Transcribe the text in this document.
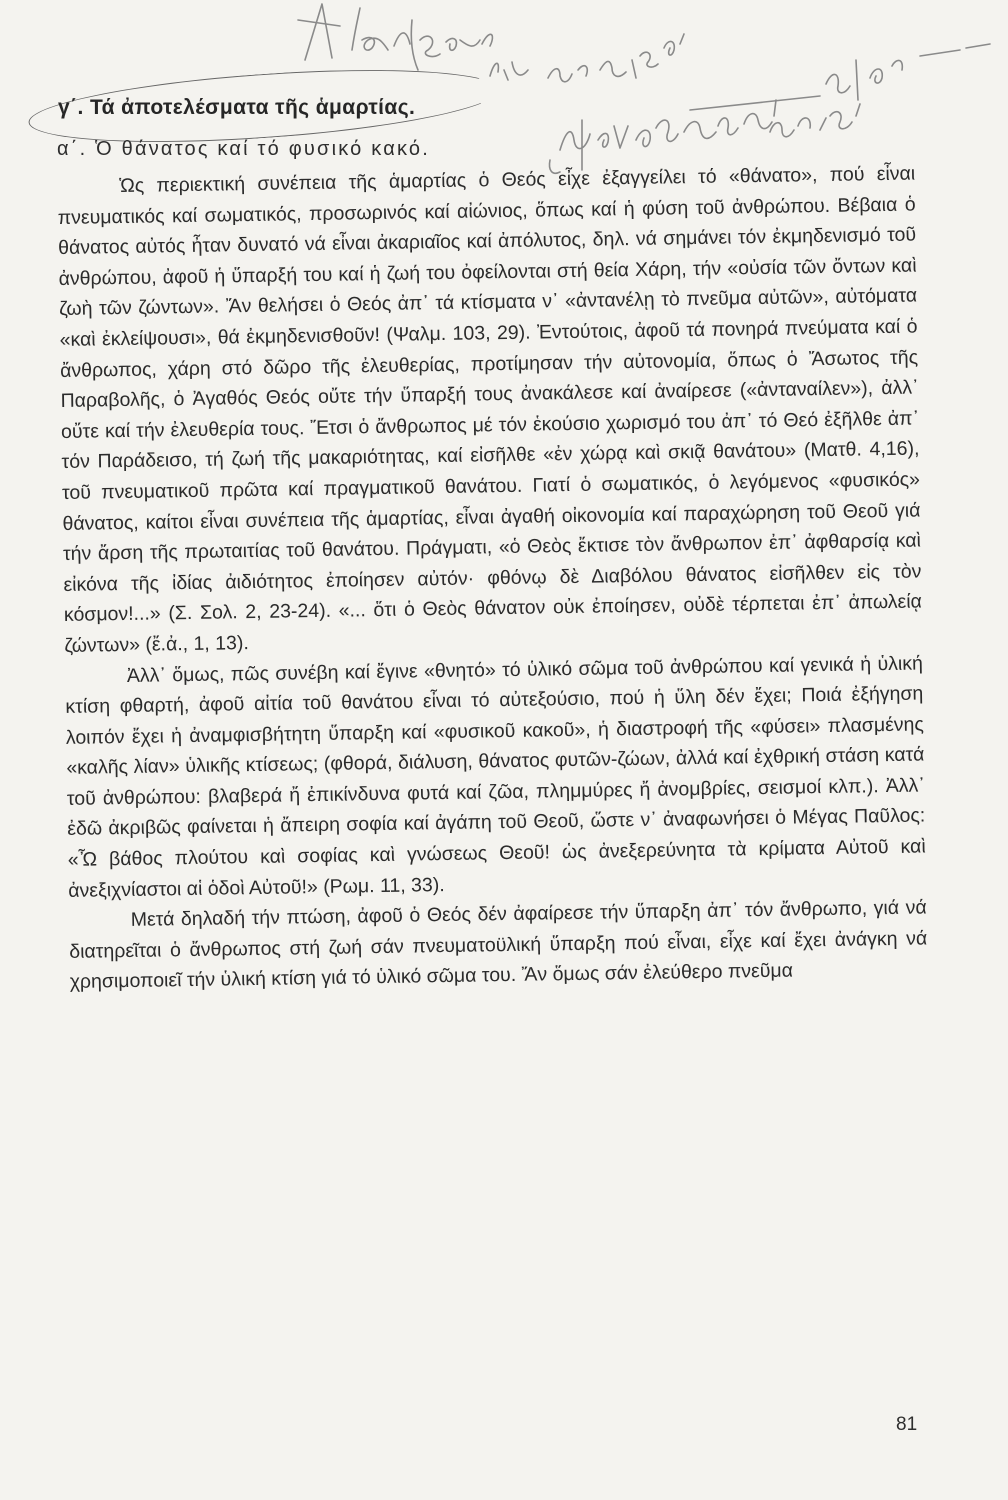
γ΄. Τά ἀποτελέσματα τῆς ἁμαρτίας.
α΄. Ὁ θάνατος καί τό φυσικό κακό.

Ὡς περιεκτική συνέπεια τῆς ἁμαρτίας ὁ Θεός εἶχε ἐξαγγείλει τό «θάνατο», πού εἶναι πνευματικός καί σωματικός, προσωρινός καί αἰώνιος, ὅπως καί ἡ φύση τοῦ ἀνθρώπου. Βέβαια ὁ θάνατος αὐτός ἦταν δυνατό νά εἶναι ἀκαριαῖος καί ἀπόλυτος, δηλ. νά σημάνει τόν ἐκμηδενισμό τοῦ ἀνθρώπου, ἀφοῦ ἡ ὕπαρξή του καί ἡ ζωή του ὀφείλονται στή θεία Χάρη, τήν «οὐσία τῶν ὄντων καὶ ζωὴ τῶν ζώντων». Ἄν θελήσει ὁ Θεός ἀπ᾽ τά κτίσματα ν᾽ «ἀντανέλῃ τὸ πνεῦμα αὐτῶν», αὐτόματα «καὶ ἐκλείψουσι», θά ἐκμηδενισθοῦν! (Ψαλμ. 103, 29). Ἐντούτοις, ἀφοῦ τά πονηρά πνεύματα καί ὁ ἄνθρωπος, χάρη στό δῶρο τῆς ἐλευθερίας, προτίμησαν τήν αὐτονομία, ὅπως ὁ Ἄσωτος τῆς Παραβολῆς, ὁ Ἀγαθός Θεός οὔτε τήν ὕπαρξή τους ἀνακάλεσε καί ἀναίρεσε («ἀνταναίλεν»), ἀλλ᾽ οὔτε καί τήν ἐλευθερία τους. Ἔτσι ὁ ἄνθρωπος μέ τόν ἑκούσιο χωρισμό του ἀπ᾽ τό Θεό ἐξῆλθε ἀπ᾽ τόν Παράδεισο, τή ζωή τῆς μακαριότητας, καί εἰσῆλθε «ἐν χώρᾳ καὶ σκιᾷ θανάτου» (Ματθ. 4,16), τοῦ πνευματικοῦ πρῶτα καί πραγματικοῦ θανάτου. Γιατί ὁ σωματικός, ὁ λεγόμενος «φυσικός» θάνατος, καίτοι εἶναι συνέπεια τῆς ἁμαρτίας, εἶναι ἀγαθή οἰκονομία καί παραχώρηση τοῦ Θεοῦ γιά τήν ἄρση τῆς πρωταιτίας τοῦ θανάτου. Πράγματι, «ὁ Θεὸς ἔκτισε τὸν ἄνθρωπον ἐπ᾽ ἀφθαρσίᾳ καὶ εἰκόνα τῆς ἰδίας ἀιδιότητος ἐποίησεν αὐτόν· φθόνῳ δὲ Διαβόλου θάνατος εἰσῆλθεν εἰς τὸν κόσμον!...» (Σ. Σολ. 2, 23-24). «... ὅτι ὁ Θεὸς θάνατον οὐκ ἐποίησεν, οὐδὲ τέρπεται ἐπ᾽ ἀπωλείᾳ ζώντων» (ἔ.ἀ., 1, 13).

Ἀλλ᾽ ὅμως, πῶς συνέβη καί ἔγινε «θνητό» τό ὑλικό σῶμα τοῦ ἀνθρώπου καί γενικά ἡ ὑλική κτίση φθαρτή, ἀφοῦ αἰτία τοῦ θανάτου εἶναι τό αὐτεξούσιο, πού ἡ ὕλη δέν ἔχει; Ποιά ἐξήγηση λοιπόν ἔχει ἡ ἀναμφισβήτητη ὕπαρξη καί «φυσικοῦ κακοῦ», ἡ διαστροφή τῆς «φύσει» πλασμένης «καλῆς λίαν» ὑλικῆς κτίσεως; (φθορά, διάλυση, θάνατος φυτῶν-ζώων, ἀλλά καί ἐχθρική στάση κατά τοῦ ἀνθρώπου: βλαβερά ἤ ἐπικίνδυνα φυτά καί ζῶα, πλημμύρες ἤ ἀνομβρίες, σεισμοί κλπ.). Ἀλλ᾽ ἐδῶ ἀκριβῶς φαίνεται ἡ ἄπειρη σοφία καί ἀγάπη τοῦ Θεοῦ, ὥστε ν᾽ ἀναφωνήσει ὁ Μέγας Παῦλος: «Ὦ βάθος πλούτου καὶ σοφίας καὶ γνώσεως Θεοῦ! ὡς ἀνεξερεύνητα τὰ κρίματα Αὐτοῦ καὶ ἀνεξιχνίαστοι αἱ ὁδοὶ Αὐτοῦ!» (Ρωμ. 11, 33).

Μετά δηλαδή τήν πτώση, ἀφοῦ ὁ Θεός δέν ἀφαίρεσε τήν ὕπαρξη ἀπ᾽ τόν ἄνθρωπο, γιά νά διατηρεῖται ὁ ἄνθρωπος στή ζωή σάν πνευματοϋλική ὕπαρξη πού εἶναι, εἶχε καί ἔχει ἀνάγκη νά χρησιμοποιεῖ τήν ὑλική κτίση γιά τό ὑλικό σῶμα του. Ἄν ὅμως σάν ἐλεύθερο πνεῦμα

81
